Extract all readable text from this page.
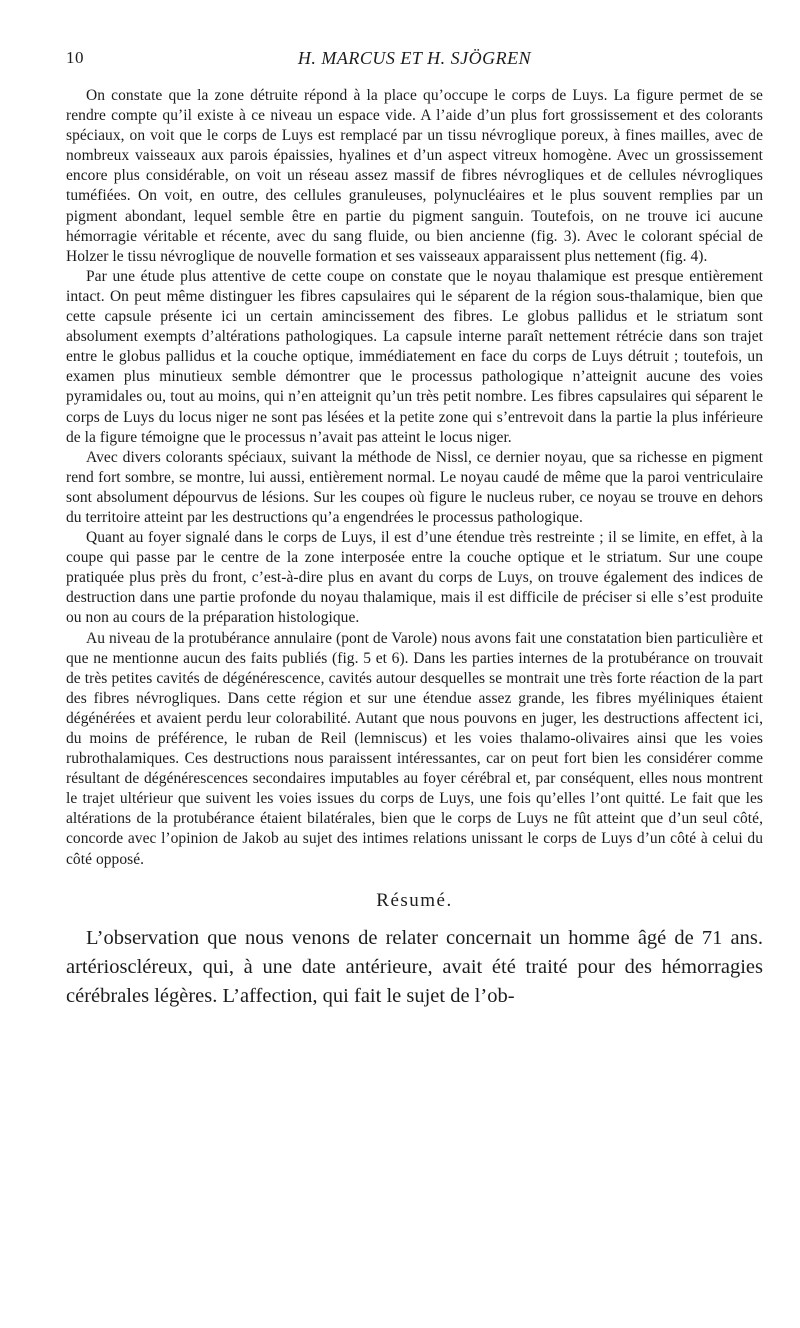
10	H. MARCUS ET H. SJÖGREN

On constate que la zone détruite répond à la place qu’occupe le corps de Luys. La figure permet de se rendre compte qu’il existe à ce niveau un espace vide. A l’aide d’un plus fort grossissement et des colorants spéciaux, on voit que le corps de Luys est remplacé par un tissu névroglique poreux, à fines mailles, avec de nombreux vaisseaux aux parois épaissies, hyalines et d’un aspect vitreux homogène. Avec un grossissement encore plus considérable, on voit un réseau assez massif de fibres névrogliques et de cellules névrogliques tuméfiées. On voit, en outre, des cellules granuleuses, polynucléaires et le plus souvent remplies par un pigment abondant, lequel semble être en partie du pigment sanguin. Toutefois, on ne trouve ici aucune hémorragie véritable et récente, avec du sang fluide, ou bien ancienne (fig. 3). Avec le colorant spécial de Holzer le tissu névroglique de nouvelle formation et ses vaisseaux apparaissent plus nettement (fig. 4).

Par une étude plus attentive de cette coupe on constate que le noyau thalamique est presque entièrement intact. On peut même distinguer les fibres capsulaires qui le séparent de la région sous-thalamique, bien que cette capsule présente ici un certain amincissement des fibres. Le globus pallidus et le striatum sont absolument exempts d’altérations pathologiques. La capsule interne paraît nettement rétrécie dans son trajet entre le globus pallidus et la couche optique, immédiatement en face du corps de Luys détruit ; toutefois, un examen plus minutieux semble démontrer que le processus pathologique n’atteignit aucune des voies pyramidales ou, tout au moins, qui n’en atteignit qu’un très petit nombre. Les fibres capsulaires qui séparent le corps de Luys du locus niger ne sont pas lésées et la petite zone qui s’entrevoit dans la partie la plus inférieure de la figure témoigne que le processus n’avait pas atteint le locus niger.

Avec divers colorants spéciaux, suivant la méthode de Nissl, ce dernier noyau, que sa richesse en pigment rend fort sombre, se montre, lui aussi, entièrement normal. Le noyau caudé de même que la paroi ventriculaire sont absolument dépourvus de lésions. Sur les coupes où figure le nucleus ruber, ce noyau se trouve en dehors du territoire atteint par les destructions qu’a engendrées le processus pathologique.

Quant au foyer signalé dans le corps de Luys, il est d’une étendue très restreinte ; il se limite, en effet, à la coupe qui passe par le centre de la zone interposée entre la couche optique et le striatum. Sur une coupe pratiquée plus près du front, c’est-à-dire plus en avant du corps de Luys, on trouve également des indices de destruction dans une partie profonde du noyau thalamique, mais il est difficile de préciser si elle s’est produite ou non au cours de la préparation histologique.

Au niveau de la protubérance annulaire (pont de Varole) nous avons fait une constatation bien particulière et que ne mentionne aucun des faits publiés (fig. 5 et 6). Dans les parties internes de la protubérance on trouvait de très petites cavités de dégénérescence, cavités autour desquelles se montrait une très forte réaction de la part des fibres névrogliques. Dans cette région et sur une étendue assez grande, les fibres myéliniques étaient dégénérées et avaient perdu leur colorabilité. Autant que nous pouvons en juger, les destructions affectent ici, du moins de préférence, le ruban de Reil (lemniscus) et les voies thalamo-olivaires ainsi que les voies rubrothalamiques. Ces destructions nous paraissent intéressantes, car on peut fort bien les considérer comme résultant de dégénérescences secondaires imputables au foyer cérébral et, par conséquent, elles nous montrent le trajet ultérieur que suivent les voies issues du corps de Luys, une fois qu’elles l’ont quitté. Le fait que les altérations de la protubérance étaient bilatérales, bien que le corps de Luys ne fût atteint que d’un seul côté, concorde avec l’opinion de Jakob au sujet des intimes relations unissant le corps de Luys d’un côté à celui du côté opposé.

Résumé.

L’observation que nous venons de relater concernait un homme âgé de 71 ans. artérioscléreux, qui, à une date antérieure, avait été traité pour des hémorragies cérébrales légères. L’affection, qui fait le sujet de l’ob-
